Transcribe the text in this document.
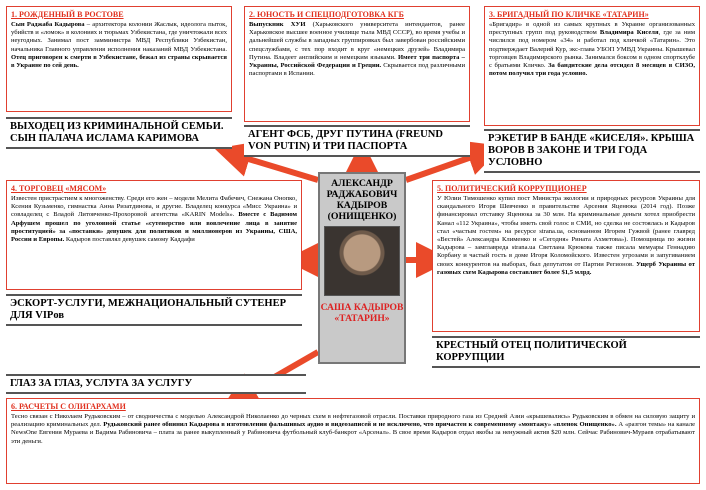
1. РОЖДЕННЫЙ В РОСТОВЕ
Сын Раджаба Кадырова – архитектора колонии Жаслык, идеолога пыток, убийств и «ломок» в колониях и тюрьмах Узбекистана, где уничтожали всех неугодных. Занимал пост замминистра МВД Республики Узбекистан, начальника Главного управления исполнения наказаний МВД Узбекистана. Отец приговорен к смерти в Узбекистане, бежал из страны скрывается в Украине по сей день.
ВЫХОДЕЦ ИЗ КРИМИНАЛЬНОЙ СЕМЬИ. СЫН ПАЛАЧА ИСЛАМА КАРИМОВА
2. ЮНОСТЬ И СПЕЦПОДГОТОВКА КГБ
Выпускник ХУИ (Харьковского университета интендантов, ранее Харьковское высшее военное училище тыла МВД СССР), во время учебы и дальнейшей службы в западных группировках был завербован российскими спецслужбами, с тех пор входит в круг «немецких друзей» Владимира Путина. Владеет английским и немецким языками. Имеет три паспорта – Украины, Российской Федерации и Греции. Скрывается под различными паспортами в Испании.
АГЕНТ ФСБ, ДРУГ ПУТИНА (FREUND VON PUTIN) И ТРИ ПАСПОРТА
3. БРИГАДНЫЙ ПО КЛИЧКЕ «ТАТАРИН»
«Бригадир» в одной из самых крупных в Украине организованных преступных групп под руководством Владимира Киселя, где за ним числился под номером «34» и работал под кличкой «Татарин». Это подтверждает Валерий Кур, экс-глава УБОП УМВД Украины. Крышевал торговцев Владимирского рынка. Занимался боксом в одном спортклубе с братьями Кличко. За бандитские дела отсидел 8 месяцев в СИЗО, потом получил три года условно.
РЭКЕТИР В БАНДЕ «КИСЕЛЯ». КРЫША ВОРОВ В ЗАКОНЕ И ТРИ ГОДА УСЛОВНО
4. ТОРГОВЕЦ «МЯСОМ»
Известен пристрастием к многоженству. Среди его жен – модели Мелита Фабечич, Снежана Онопко, Ксения Кузьменко, гимнастка Анна Ризатдинова, и другие. Владелец конкурса «Мисс Украина» и совладелец с Владой Литовченко-Прохоровой агентства «KARIN Models». Вместе с Вадимом Арфушем прошел по уголовной статье «сутенерство или вовлечение лица в занятие проституцией» за «поставки» девушек для политиков и миллионеров из Украины, США, России и Европы. Кадыров поставлял девушек самому Каддафи
ЭСКОРТ-УСЛУГИ, МЕЖНАЦИОНАЛЬНЫЙ СУТЕНЕР ДЛЯ VIPов
АЛЕКСАНДР РАДЖАБОВИЧ КАДЫРОВ (ОНИЩЕНКО)
САША КАДЫРОВ «ТАТАРИН»
5. ПОЛИТИЧЕСКИЙ КОРРУПЦИОНЕР
У Юлии Тимошенко купил пост Министра экологии и природных ресурсов Украины для скандального Игоря Шевченко в правительстве Арсения Яценюка (2014 год). Позже финансировал отставку Яценюка за 30 млн. На криминальные деньги хотел приобрести Канал «112 Украина», чтобы иметь свой голос в СМИ, но сделка не состоялась и Кадыров стал «частым гостем» на ресурсе strana.ua, основанном Игорем Гужвой (ранее главред «Вестей» Александра Клименко и «Сегодня» Рината Ахметова»). Помощница по жизни Кадырова – замглавреда strana.ua Светлана Крюкова также писала мемуары Геннадию Корбану и частый гость в доме Игоря Коломойского. Известен угрозами и запугиванием своих конкурентов на выборах, был депутатом от Партии Регионов. Ущерб Украины от газовых схем Кадырова составляет более $1,5 млрд.
КРЕСТНЫЙ ОТЕЦ ПОЛИТИЧЕСКОЙ КОРРУПЦИИ
ГЛАЗ ЗА ГЛАЗ, УСЛУГА ЗА УСЛУГУ
6. РАСЧЕТЫ С ОЛИГАРХАМИ
Тесно связан с Николаем Рудьковским – от сводничества с моделью Александрой Николаенко до черных схем в нефтегазовой отрасли. Поставки природного газа из Средней Азии «крышевались» Рудьковским в обмен на силовую защиту и реализацию криминальных дел. Рудьковский ранее обвинил Кадырова в изготовлении фальшивых аудио и видеозаписей и не исключено, что причастен к современному «монтажу» «пленок Онищенко». А «разгон темы» на канале NewsOne Евгения Мураева и Вадима Рабиновича – плата за ранее выкупленный у Рабиновича футбольный клуб-банкрот «Арсенал». В свое время Кадыров отдал якобы за ненужный актив $20 млн. Сейчас Рабинович-Мураев отрабатывают эти деньги.
